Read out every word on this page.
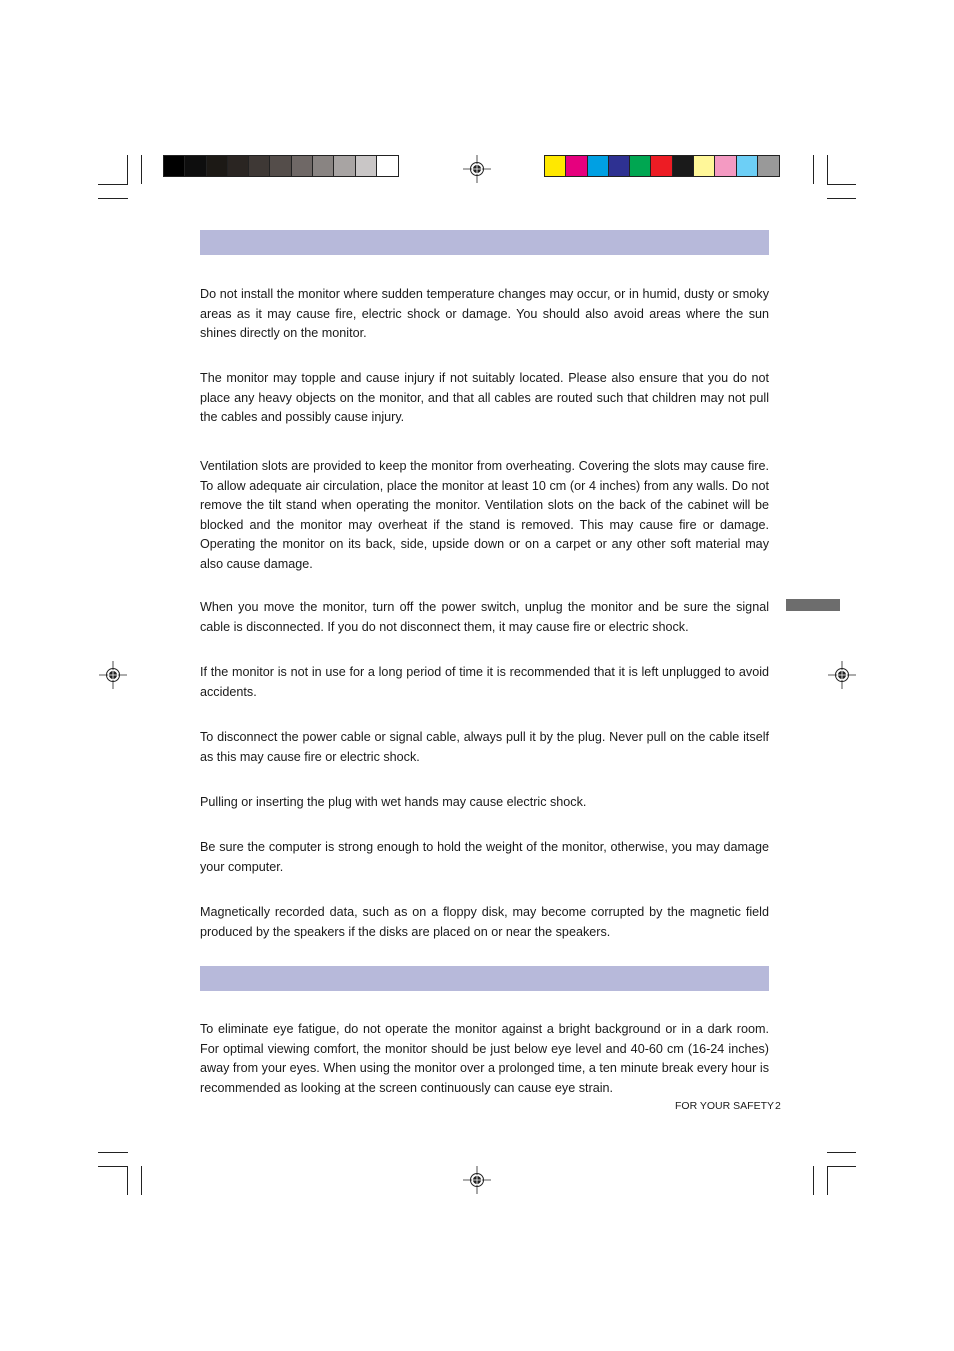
Do not install the monitor where sudden temperature changes may occur, or in humid, dusty or smoky areas as it may cause fire, electric shock or damage. You should also avoid areas where the sun shines directly on the monitor.

The monitor may topple and cause injury if not suitably located. Please also ensure that you do not place any heavy objects on the monitor, and that all cables are routed such that children may not pull the cables and possibly cause injury.

Ventilation slots are provided to keep the monitor from overheating. Covering the slots may cause fire. To allow adequate air circulation, place the monitor at least 10 cm (or 4 inches) from any walls. Do not remove the tilt stand when operating the monitor. Ventilation slots on the back of the cabinet will be blocked and the monitor may overheat if the stand is removed. This may cause fire or damage. Operating the monitor on its back, side, upside down or on a carpet or any other soft material may also cause damage.

When you move the monitor, turn off the power switch, unplug the monitor and be sure the signal cable is disconnected. If you do not disconnect them, it may cause fire or electric shock.

If the monitor is not in use for a long period of time it is recommended that it is left unplugged to avoid accidents.

To disconnect the power cable or signal cable, always pull it by the plug. Never pull on the cable itself as this may cause fire or electric shock.

Pulling or inserting the plug with wet hands may cause electric shock.

Be sure the computer is strong enough to hold the weight of the monitor, otherwise, you may damage your computer.

Magnetically recorded data, such as on a floppy disk, may become corrupted by the magnetic field produced by the speakers if the disks are placed on or near the speakers.

To eliminate eye fatigue, do not operate the monitor against a bright background or in a dark room. For optimal viewing comfort, the monitor should be just below eye level and 40-60 cm (16-24 inches) away from your eyes. When using the monitor over a prolonged time, a ten minute break every hour is recommended as looking at the screen continuously can cause eye strain.

FOR YOUR SAFETY 2
